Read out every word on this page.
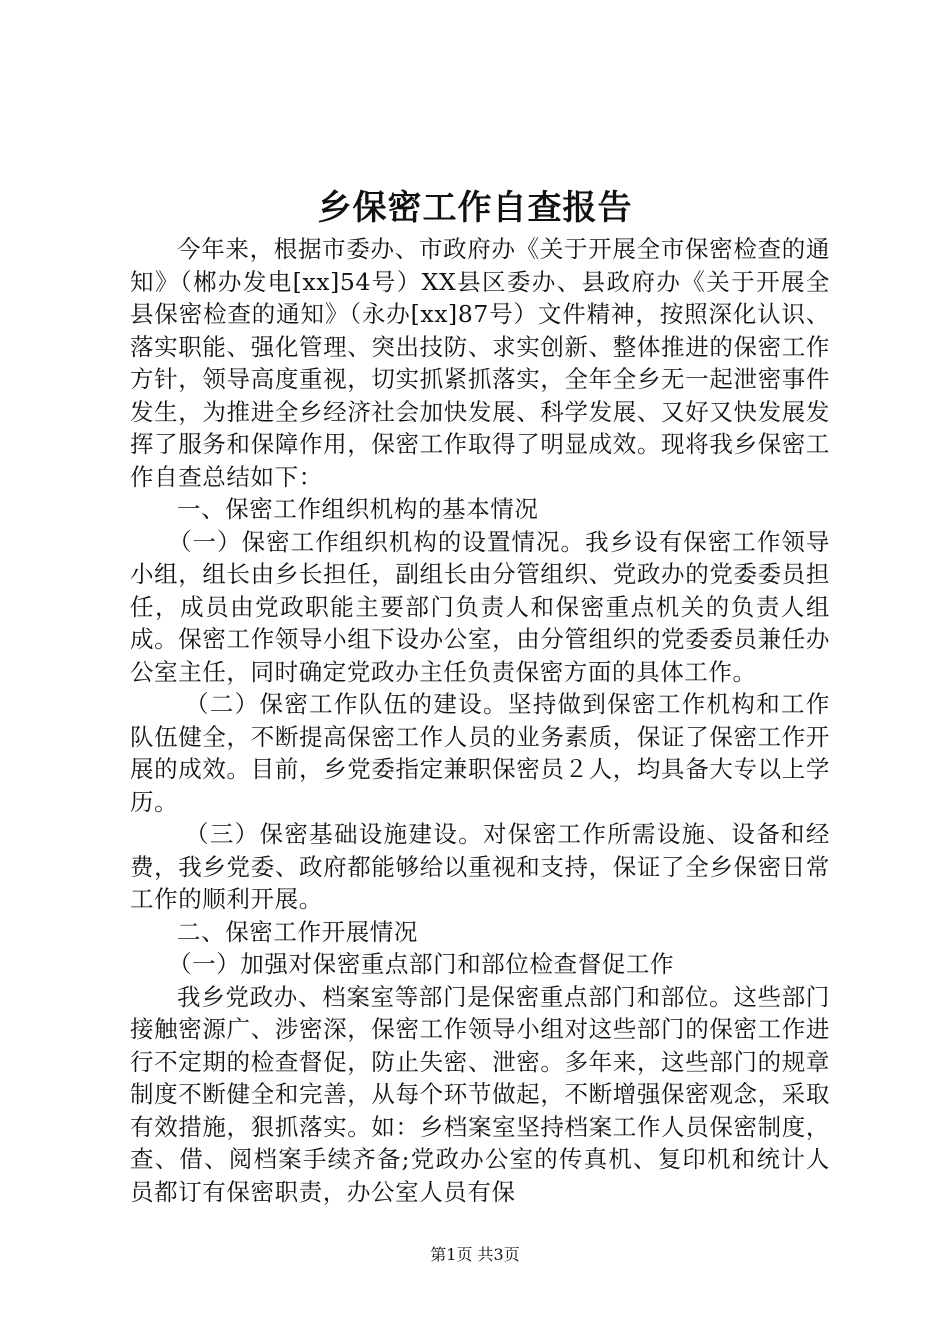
乡保密工作自查报告

今年来，根据市委办、市政府办《关于开展全市保密检查的通知》（郴办发电[xx]54号）XX县区委办、县政府办《关于开展全县保密检查的通知》（永办[xx]87号）文件精神，按照深化认识、落实职能、强化管理、突出技防、求实创新、整体推进的保密工作方针，领导高度重视，切实抓紧抓落实，全年全乡无一起泄密事件发生，为推进全乡经济社会加快发展、科学发展、又好又快发展发挥了服务和保障作用，保密工作取得了明显成效。现将我乡保密工作自查总结如下：

一、保密工作组织机构的基本情况

（一）保密工作组织机构的设置情况。我乡设有保密工作领导小组，组长由乡长担任，副组长由分管组织、党政办的党委委员担任，成员由党政职能主要部门负责人和保密重点机关的负责人组成。保密工作领导小组下设办公室，由分管组织的党委委员兼任办公室主任，同时确定党政办主任负责保密方面的具体工作。

（二）保密工作队伍的建设。坚持做到保密工作机构和工作队伍健全，不断提高保密工作人员的业务素质，保证了保密工作开展的成效。目前，乡党委指定兼职保密员２人，均具备大专以上学历。

（三）保密基础设施建设。对保密工作所需设施、设备和经费，我乡党委、政府都能够给以重视和支持，保证了全乡保密日常工作的顺利开展。

二、保密工作开展情况

（一）加强对保密重点部门和部位检查督促工作

我乡党政办、档案室等部门是保密重点部门和部位。这些部门接触密源广、涉密深，保密工作领导小组对这些部门的保密工作进行不定期的检查督促，防止失密、泄密。多年来，这些部门的规章制度不断健全和完善，从每个环节做起，不断增强保密观念，采取有效措施，狠抓落实。如：乡档案室坚持档案工作人员保密制度，查、借、阅档案手续齐备;党政办公室的传真机、复印机和统计人员都订有保密职责，办公室人员有保

第1页 共3页
